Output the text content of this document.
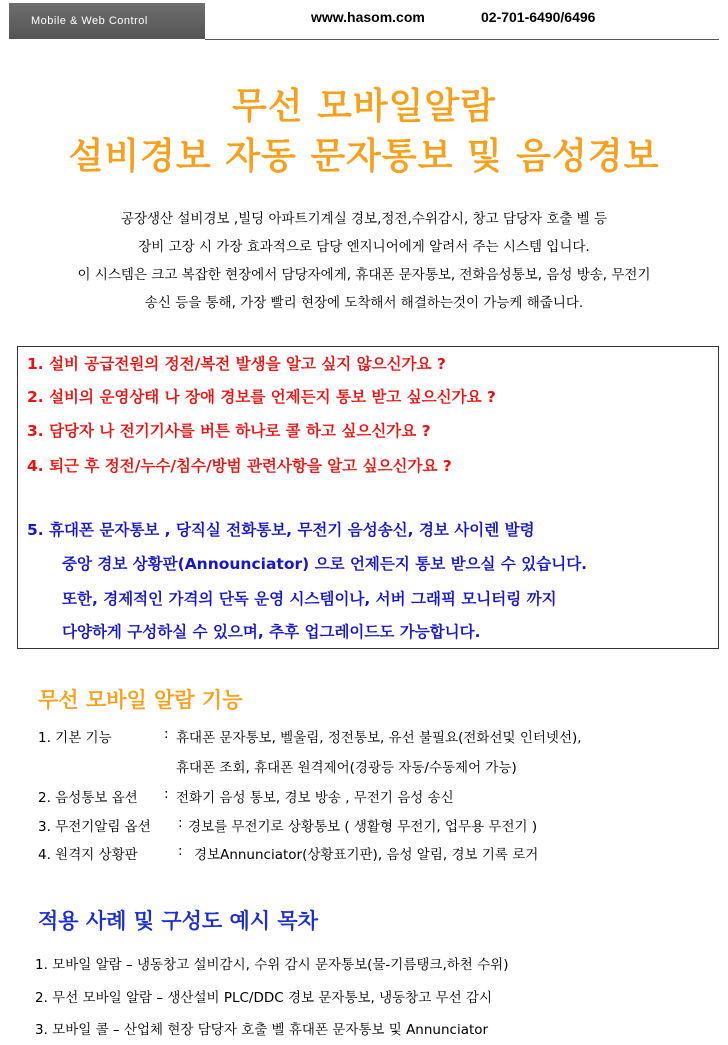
Mobile & Web Control	www.hasom.com	02-701-6490/6496
무선 모바일알람
설비경보 자동 문자통보 및 음성경보
공장생산 설비경보 ,빌딩 아파트기계실 경보,정전,수위감시, 창고 담당자 호출 벨 등
장비 고장 시 가장 효과적으로 담당 엔지니어에게 알려서 주는 시스템 입니다.
이 시스템은 크고 복잡한 현장에서 담당자에게, 휴대폰 문자통보, 전화음성통보, 음성 방송, 무전기
송신 등을 통해, 가장 빨리 현장에 도착해서 해결하는것이 가능케 해줍니다.
1. 설비 공급전원의 정전/복전 발생을 알고 싶지 않으신가요 ?
2. 설비의 운영상태 나 장애 경보를 언제든지 통보 받고 싶으신가요 ?
3. 담당자 나 전기기사를 버튼 하나로 콜 하고 싶으신가요 ?
4. 퇴근 후 정전/누수/침수/방범 관련사항을 알고 싶으신가요 ?
5. 휴대폰 문자통보 , 당직실 전화통보, 무전기 음성송신, 경보 사이렌 발령
중앙 경보 상황판(Announciator) 으로 언제든지 통보 받으실 수 있습니다.
또한, 경제적인 가격의 단독 운영 시스템이나, 서버 그래픽 모니터링 까지
다양하게 구성하실 수 있으며, 추후 업그레이드도 가능합니다.
무선 모바일 알람 기능
1. 기본 기능	: 휴대폰 문자통보, 벨울림, 정전통보, 유선 불필요(전화선및 인터넷선),
휴대폰 조회, 휴대폰 원격제어(경광등 자동/수동제어 가능)
2. 음성통보 옵션 : 전화기 음성 통보, 경보 방송 , 무전기 음성 송신
3. 무전기알림 옵션 : 경보를 무전기로 상황통보 ( 생활형 무전기, 업무용 무전기 )
4. 원격지 상황판	: 경보Annunciator(상황표기판), 음성 알림, 경보 기록 로거
적용 사례 및 구성도 예시 목차
1. 모바일 알람 – 냉동창고 설비감시, 수위 감시 문자통보(물-기름탱크,하천 수위)
2. 무선 모바일 알람 – 생산설비 PLC/DDC 경보 문자통보, 냉동창고 무선 감시
3. 모바일 콜 – 산업체 현장 담당자 호출 벨 휴대폰 문자통보 및 Annunciator
